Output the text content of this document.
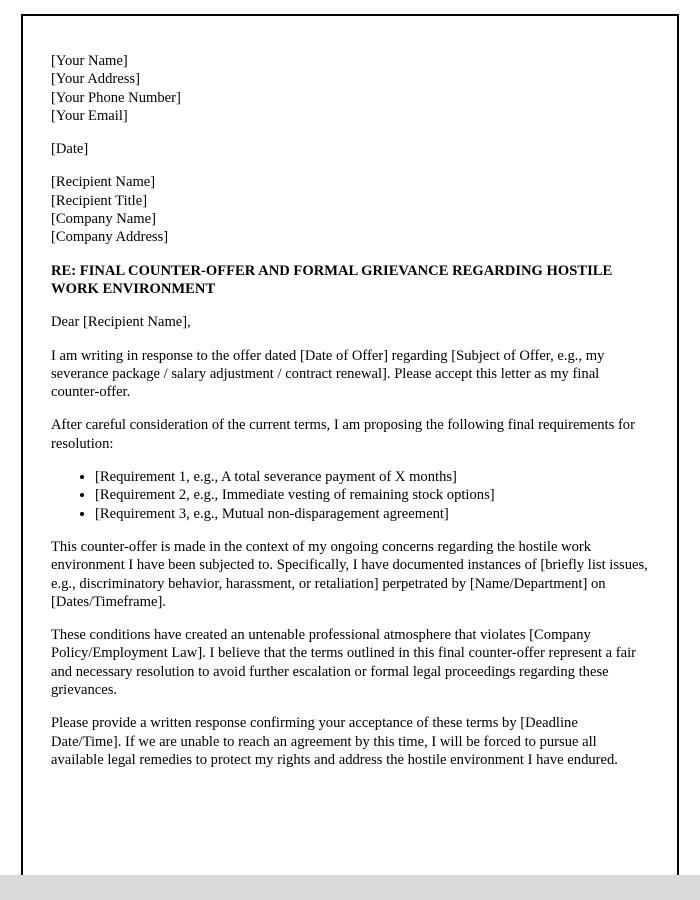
[Your Name]
[Your Address]
[Your Phone Number]
[Your Email]
[Date]
[Recipient Name]
[Recipient Title]
[Company Name]
[Company Address]

RE: FINAL COUNTER-OFFER AND FORMAL GRIEVANCE REGARDING HOSTILE WORK ENVIRONMENT

Dear [Recipient Name],

I am writing in response to the offer dated [Date of Offer] regarding [Subject of Offer, e.g., my severance package / salary adjustment / contract renewal]. Please accept this letter as my final counter-offer.

After careful consideration of the current terms, I am proposing the following final requirements for resolution:

• [Requirement 1, e.g., A total severance payment of X months]
• [Requirement 2, e.g., Immediate vesting of remaining stock options]
• [Requirement 3, e.g., Mutual non-disparagement agreement]

This counter-offer is made in the context of my ongoing concerns regarding the hostile work environment I have been subjected to. Specifically, I have documented instances of [briefly list issues, e.g., discriminatory behavior, harassment, or retaliation] perpetrated by [Name/Department] on [Dates/Timeframe].

These conditions have created an untenable professional atmosphere that violates [Company Policy/Employment Law]. I believe that the terms outlined in this final counter-offer represent a fair and necessary resolution to avoid further escalation or formal legal proceedings regarding these grievances.

Please provide a written response confirming your acceptance of these terms by [Deadline Date/Time]. If we are unable to reach an agreement by this time, I will be forced to pursue all available legal remedies to protect my rights and address the hostile environment I have endured.
